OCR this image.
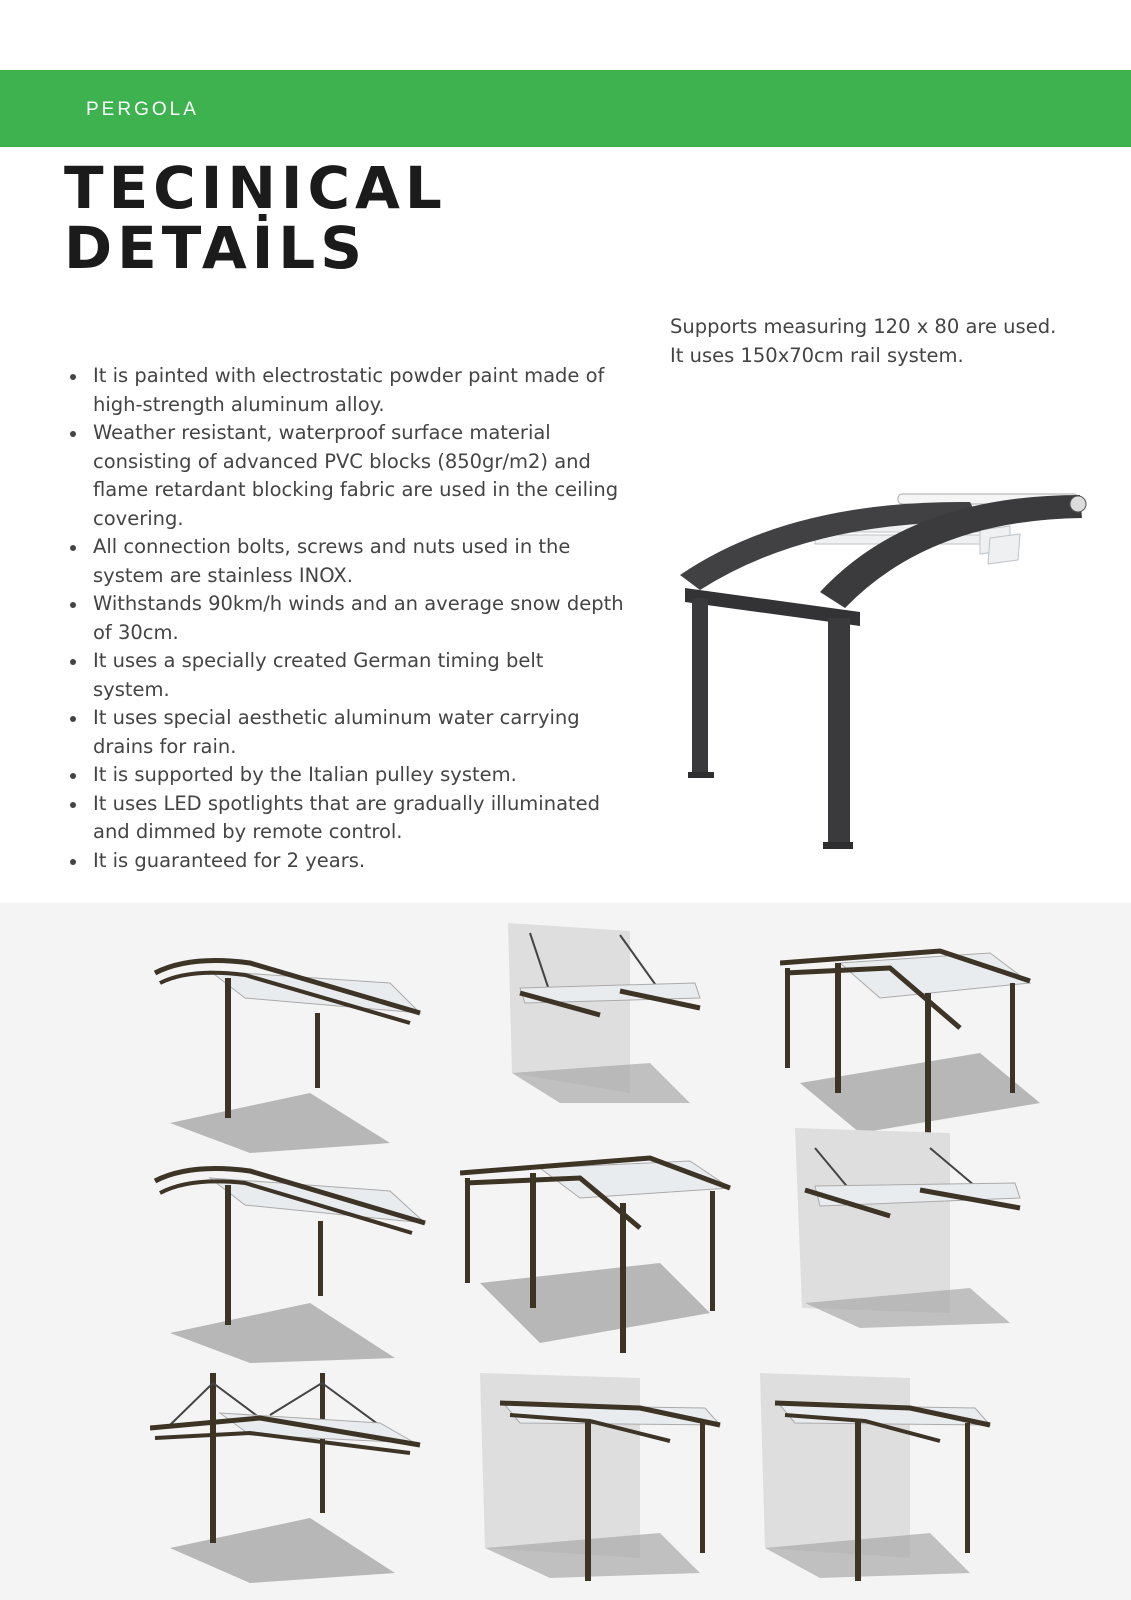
PERGOLA
TECINICAL
DETAİLS
It is painted with electrostatic powder paint made of high-strength aluminum alloy.
Weather resistant, waterproof surface material consisting of advanced PVC blocks (850gr/m2) and flame retardant blocking fabric are used in the ceiling covering.
All connection bolts, screws and nuts used in the system are stainless INOX.
Withstands 90km/h winds and an average snow depth of 30cm.
It uses a specially created German timing belt system.
It uses special aesthetic aluminum water carrying drains for rain.
It is supported by the Italian pulley system.
It uses LED spotlights that are gradually illuminated and dimmed by remote control.
It is guaranteed for 2 years.
Supports measuring 120 x 80 are used.
It uses 150x70cm rail system.
